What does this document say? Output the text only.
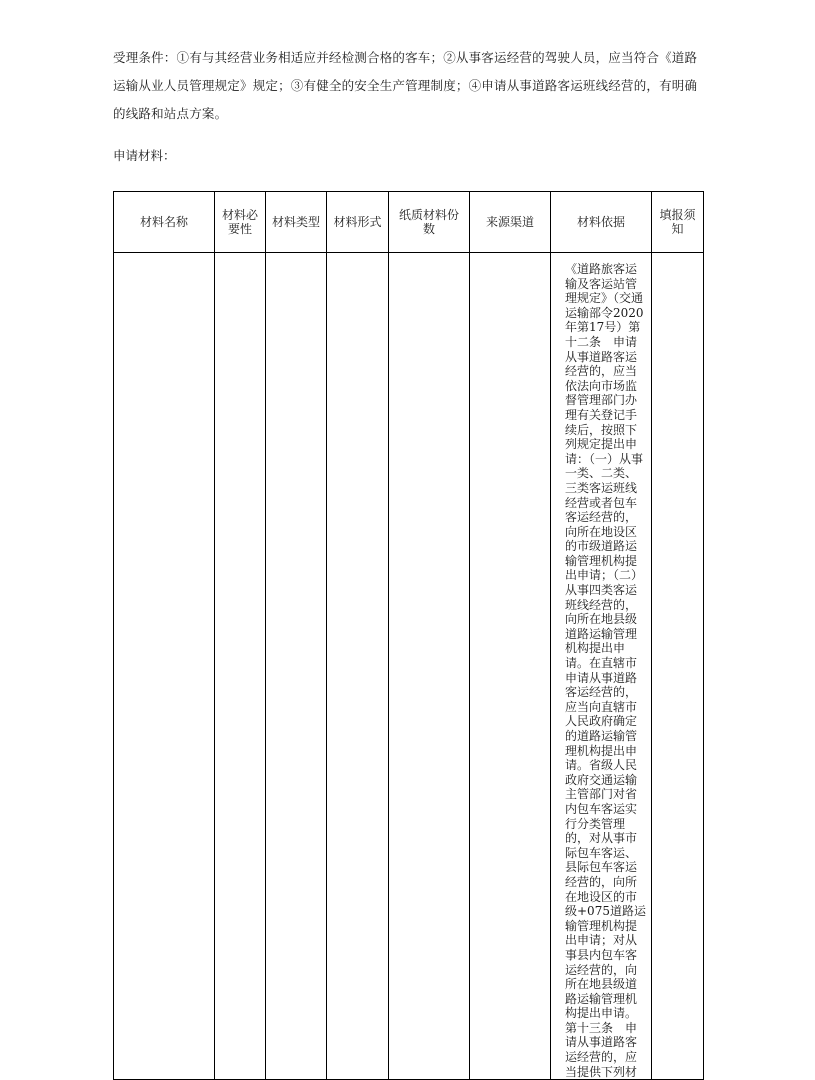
受理条件：①有与其经营业务相适应并经检测合格的客车；②从事客运经营的驾驶人员，应当符合《道路运输从业人员管理规定》规定；③有健全的安全生产管理制度；④申请从事道路客运班线经营的，有明确的线路和站点方案。
申请材料：
材料名称	材料必要性	材料类型	材料形式	纸质材料份数	来源渠道	材料依据	填报须知

						《道路旅客运输及客运站管理规定》（交通运输部令2020年第17号）第十二条　申请从事道路客运经营的，应当依法向市场监督管理部门办理有关登记手续后，按照下列规定提出申请：（一）从事一类、二类、三类客运班线经营或者包车客运经营的，向所在地设区的市级道路运输管理机构提出申请；（二）从事四类客运班线经营的，向所在地县级道路运输管理机构提出申请。在直辖市申请从事道路客运经营的，应当向直辖市人民政府确定的道路运输管理机构提出申请。省级人民政府交通运输主管部门对省内包车客运实行分类管理的，对从事市际包车客运、县际包车客运经营的，向所在地设区的市级+075道路运输管理机构提出申请；对从事县内包车客运经营的，向所在地县级道路运输管理机构提出申请。第十三条　申请从事道路客运经营的，应当提供下列材	
